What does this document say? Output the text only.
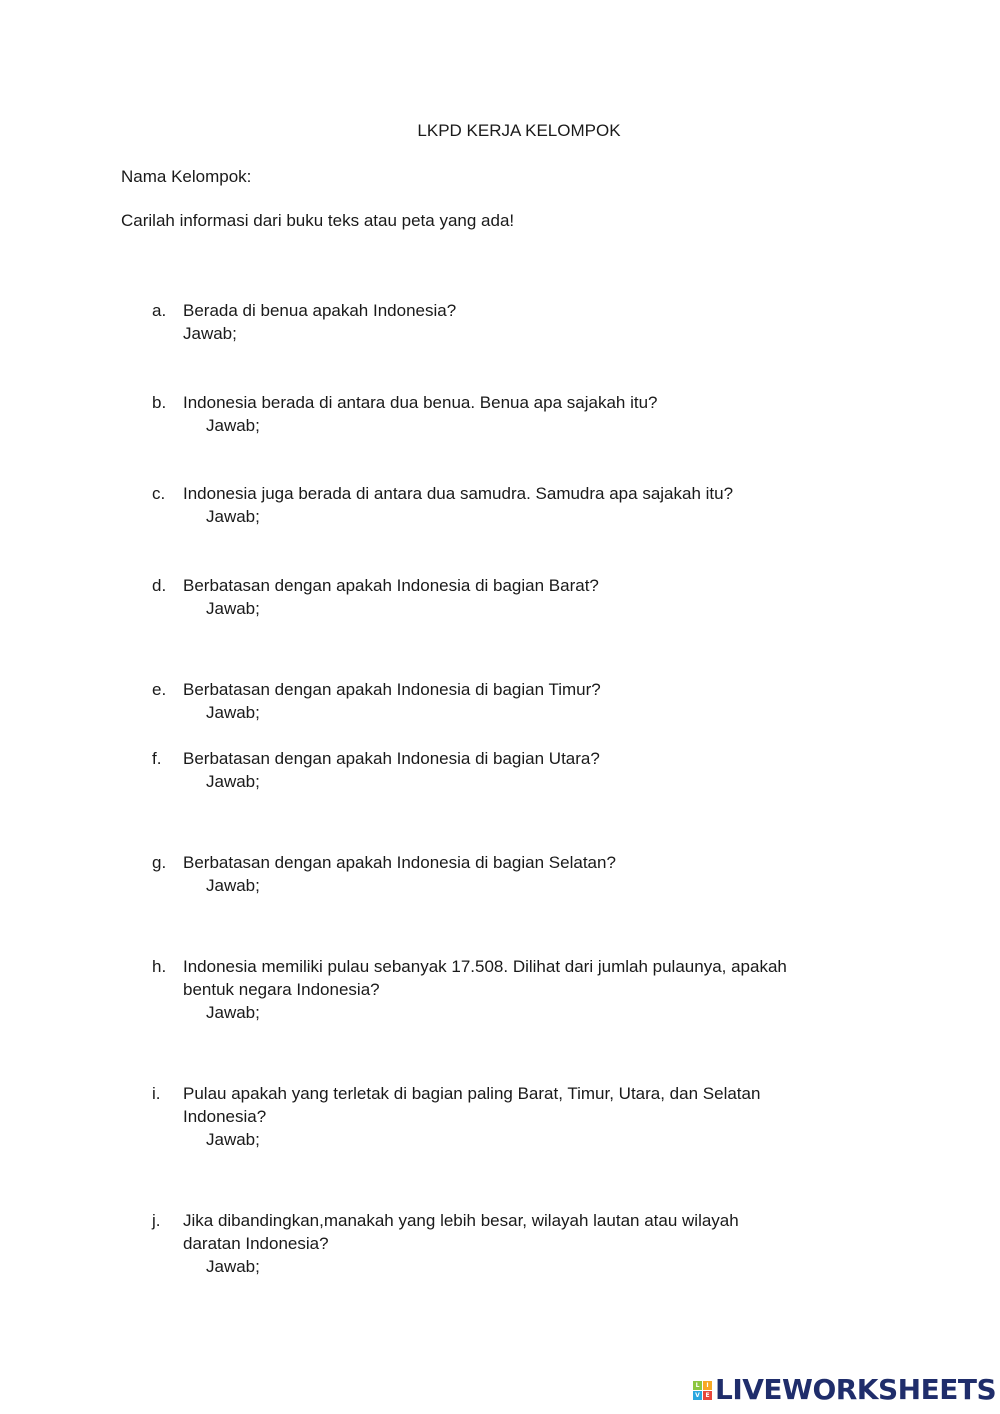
LKPD KERJA KELOMPOK
Nama Kelompok:
Carilah informasi dari buku teks atau peta yang ada!
a. Berada di benua apakah Indonesia?
Jawab;
b. Indonesia berada di antara dua benua. Benua apa sajakah itu?
Jawab;
c. Indonesia juga berada di antara dua samudra. Samudra apa sajakah itu?
Jawab;
d. Berbatasan dengan apakah Indonesia di bagian Barat?
Jawab;
e. Berbatasan dengan apakah Indonesia di bagian Timur?
Jawab;
f. Berbatasan dengan apakah Indonesia di bagian Utara?
Jawab;
g. Berbatasan dengan apakah Indonesia di bagian Selatan?
Jawab;
h. Indonesia memiliki pulau sebanyak 17.508. Dilihat dari jumlah pulaunya, apakah
bentuk negara Indonesia?
Jawab;
i. Pulau apakah yang terletak di bagian paling Barat, Timur, Utara, dan Selatan
Indonesia?
Jawab;
j. Jika dibandingkan,manakah yang lebih besar, wilayah lautan atau wilayah
daratan Indonesia?
Jawab;
L	I
V E LIVEWORKSHEETS
